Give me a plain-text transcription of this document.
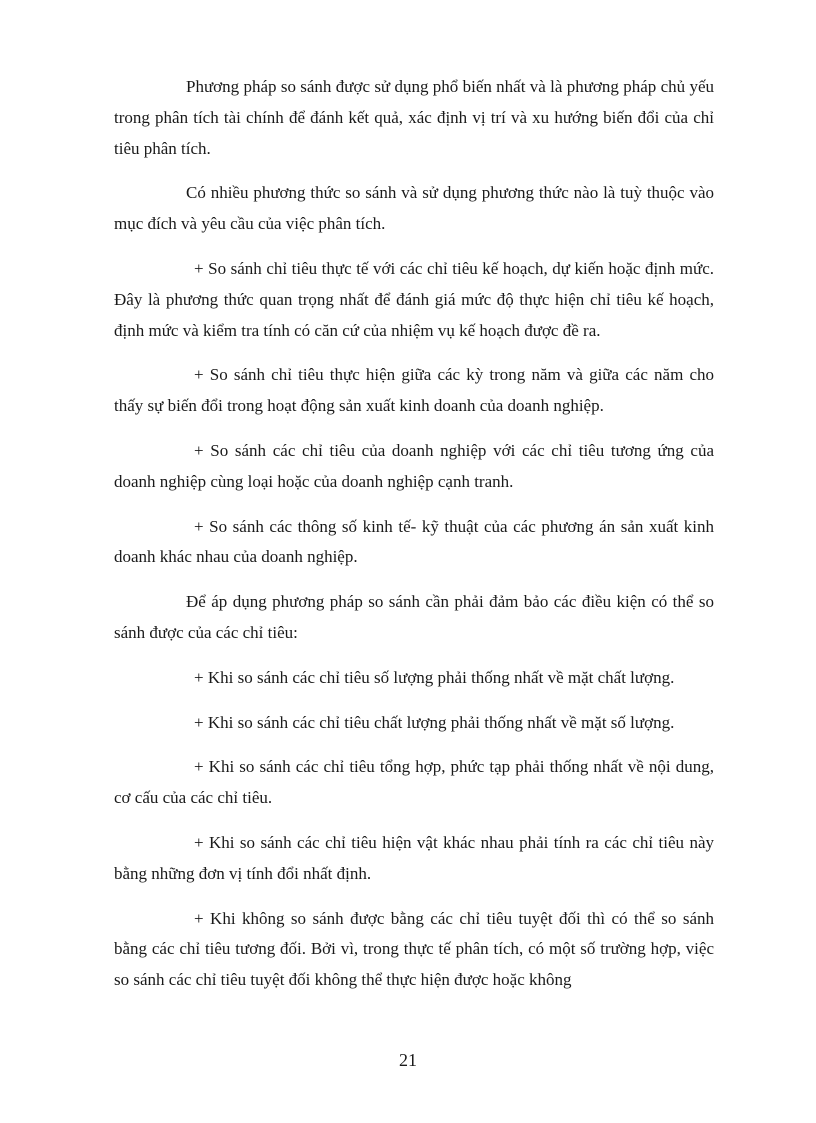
Phương pháp so sánh được sử dụng phổ biến nhất và là phương pháp chủ yếu trong phân tích tài chính để đánh kết quả, xác định vị trí và xu hướng biến đổi của chỉ tiêu phân tích.

Có nhiều phương thức so sánh và sử dụng phương thức nào là tuỳ thuộc vào mục đích và yêu cầu của việc phân tích.

+ So sánh chỉ tiêu thực tế với các chỉ tiêu kế hoạch, dự kiến hoặc định mức. Đây là phương thức quan trọng nhất để đánh giá mức độ thực hiện chỉ tiêu kế hoạch, định mức và kiểm tra tính có căn cứ của nhiệm vụ kế hoạch được đề ra.

+ So sánh chỉ tiêu thực hiện giữa các kỳ trong năm và giữa các năm cho thấy sự biến đổi trong hoạt động sản xuất kinh doanh của doanh nghiệp.

+ So sánh các chỉ tiêu của doanh nghiệp với các chỉ tiêu tương ứng của doanh nghiệp cùng loại hoặc của doanh nghiệp cạnh tranh.

+ So sánh các thông số kinh tế- kỹ thuật của các phương án sản xuất kinh doanh khác nhau của doanh nghiệp.

Để áp dụng phương pháp so sánh cần phải đảm bảo các điều kiện có thể so sánh được của các chỉ tiêu:

+ Khi so sánh các chỉ tiêu số lượng phải thống nhất về mặt chất lượng.

+ Khi so sánh các chỉ tiêu chất lượng phải thống nhất về mặt số lượng.

+ Khi so sánh các chỉ tiêu tổng hợp, phức tạp phải thống nhất về nội dung, cơ cấu của các chỉ tiêu.

+ Khi so sánh các chỉ tiêu hiện vật khác nhau phải tính ra các chỉ tiêu này bằng những đơn vị tính đổi nhất định.

+ Khi không so sánh được bằng các chỉ tiêu tuyệt đối thì có thể so sánh bằng các chỉ tiêu tương đối. Bởi vì, trong thực tế phân tích, có một số trường hợp, việc so sánh các chỉ tiêu tuyệt đối không thể thực hiện được hoặc không

21
